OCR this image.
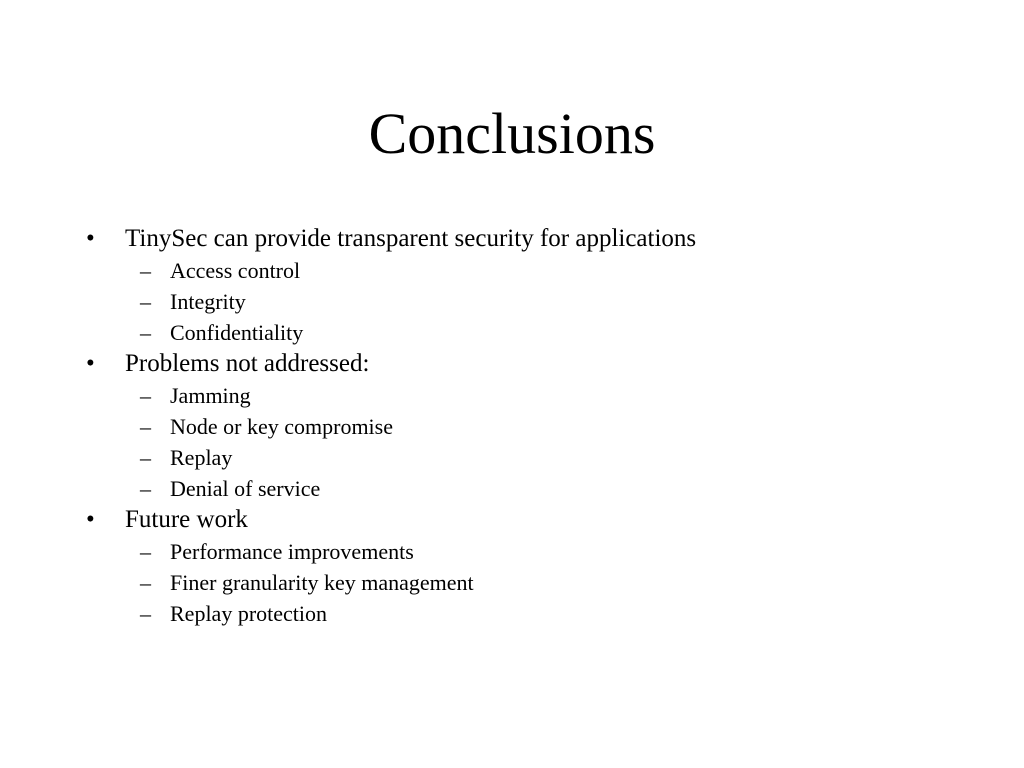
Conclusions
• TinySec can provide transparent security for applications
– Access control
– Integrity
– Confidentiality
• Problems not addressed:
– Jamming
– Node or key compromise
– Replay
– Denial of service
• Future work
– Performance improvements
– Finer granularity key management
– Replay protection
